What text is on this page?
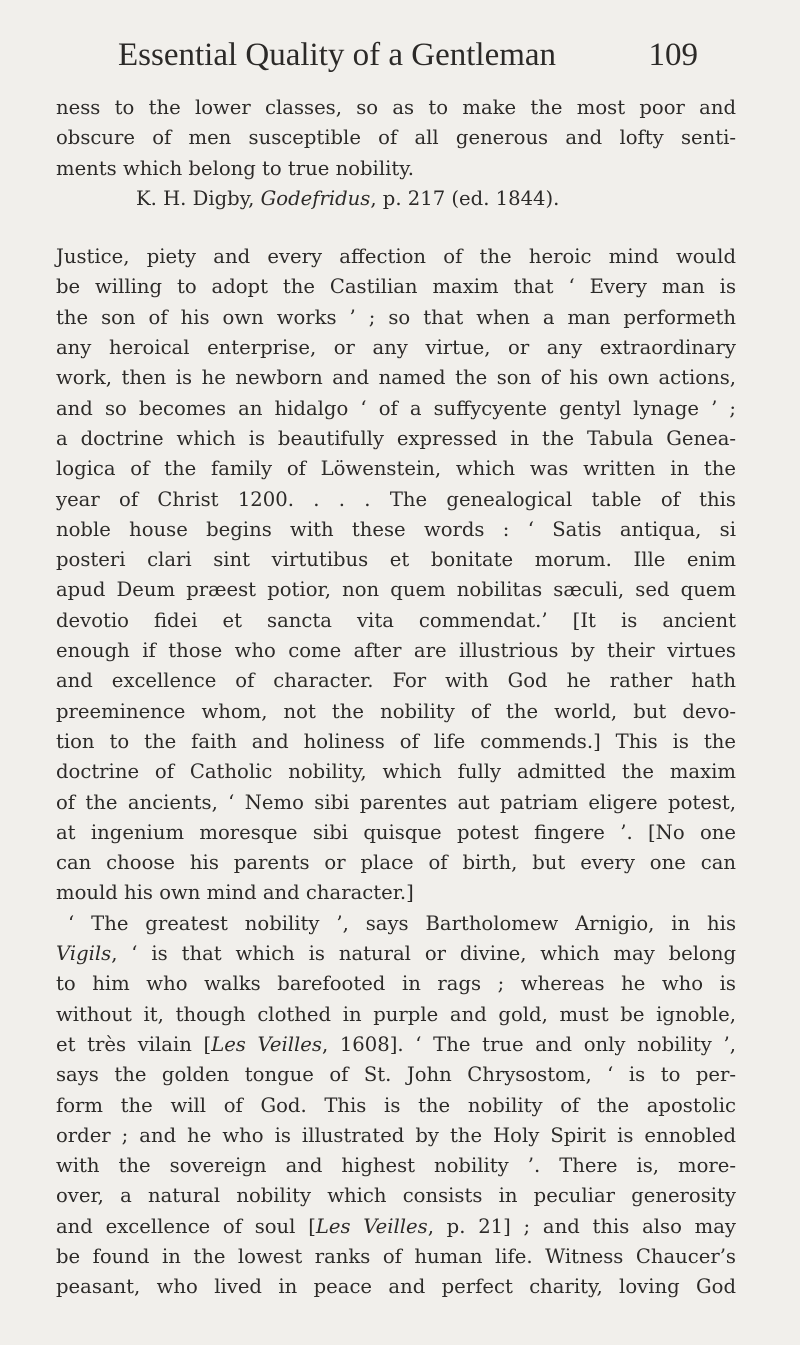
Essential Quality of a Gentleman	109
ness to the lower classes, so as to make the most poor and
obscure of men susceptible of all generous and lofty senti-
ments which belong to true nobility.
K. H. Digby, Godefridus, p. 217 (ed. 1844).
Justice, piety and every affection of the heroic mind would
be willing to adopt the Castilian maxim that ‘ Every man is
the son of his own works ’ ; so that when a man performeth
any heroical enterprise, or any virtue, or any extraordinary
work, then is he newborn and named the son of his own actions,
and so becomes an hidalgo ‘ of a suffycyente gentyl lynage ’ ;
a doctrine which is beautifully expressed in the Tabula Genea-
logica of the family of Löwenstein, which was written in the
year of Christ 1200. . . . The genealogical table of this
noble house begins with these words : ‘ Satis antiqua, si
posteri clari sint virtutibus et bonitate morum. Ille enim
apud Deum præest potior, non quem nobilitas sæculi, sed quem
devotio fidei et sancta vita commendat.’ [It is ancient
enough if those who come after are illustrious by their virtues
and excellence of character. For with God he rather hath
preeminence whom, not the nobility of the world, but devo-
tion to the faith and holiness of life commends.] This is the
doctrine of Catholic nobility, which fully admitted the maxim
of the ancients, ‘ Nemo sibi parentes aut patriam eligere potest,
at ingenium moresque sibi quisque potest fingere ’. [No one
can choose his parents or place of birth, but every one can
mould his own mind and character.]
‘ The greatest nobility ’, says Bartholomew Arnigio, in his
Vigils, ‘ is that which is natural or divine, which may belong
to him who walks barefooted in rags ; whereas he who is
without it, though clothed in purple and gold, must be ignoble,
et très vilain [Les Veilles, 1608]. ‘ The true and only nobility ’,
says the golden tongue of St. John Chrysostom, ‘ is to per-
form the will of God. This is the nobility of the apostolic
order ; and he who is illustrated by the Holy Spirit is ennobled
with the sovereign and highest nobility ’. There is, more-
over, a natural nobility which consists in peculiar generosity
and excellence of soul [Les Veilles, p. 21] ; and this also may
be found in the lowest ranks of human life. Witness Chaucer’s
peasant, who lived in peace and perfect charity, loving God
